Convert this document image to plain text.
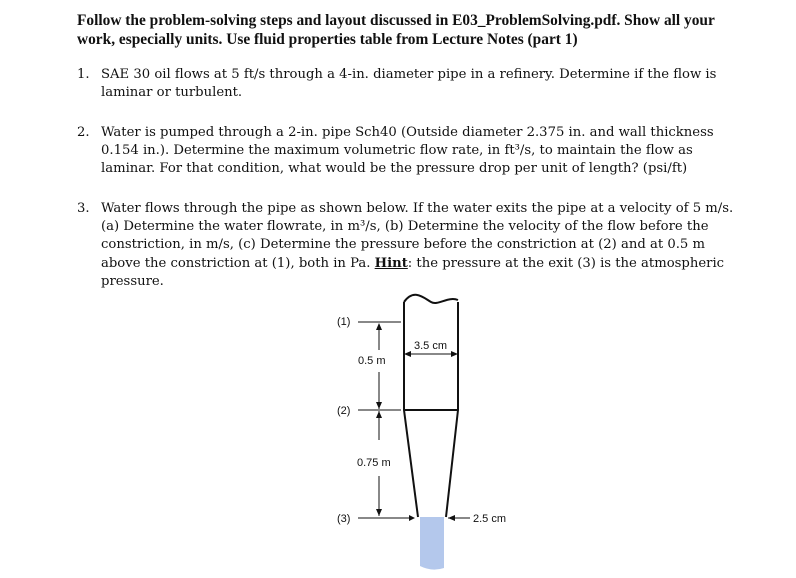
Follow the problem-solving steps and layout discussed in E03_ProblemSolving.pdf. Show all your
work, especially units. Use fluid properties table from Lecture Notes (part 1)
1. SAE 30 oil flows at 5 ft/s through a 4-in. diameter pipe in a refinery. Determine if the flow is
laminar or turbulent.
2. Water is pumped through a 2-in. pipe Sch40 (Outside diameter 2.375 in. and wall thickness
0.154 in.). Determine the maximum volumetric flow rate, in ft³/s, to maintain the flow as
laminar. For that condition, what would be the pressure drop per unit of length? (psi/ft)
3. Water flows through the pipe as shown below. If the water exits the pipe at a velocity of 5 m/s.
(a) Determine the water flowrate, in m³/s, (b) Determine the velocity of the flow before the
constriction, in m/s, (c) Determine the pressure before the constriction at (2) and at 0.5 m
above the constriction at (1), both in Pa. Hint: the pressure at the exit (3) is the atmospheric
pressure.
3.5 cm
(1)
(2)
(3)
0.5 m
0.75 m
2.5 cm
